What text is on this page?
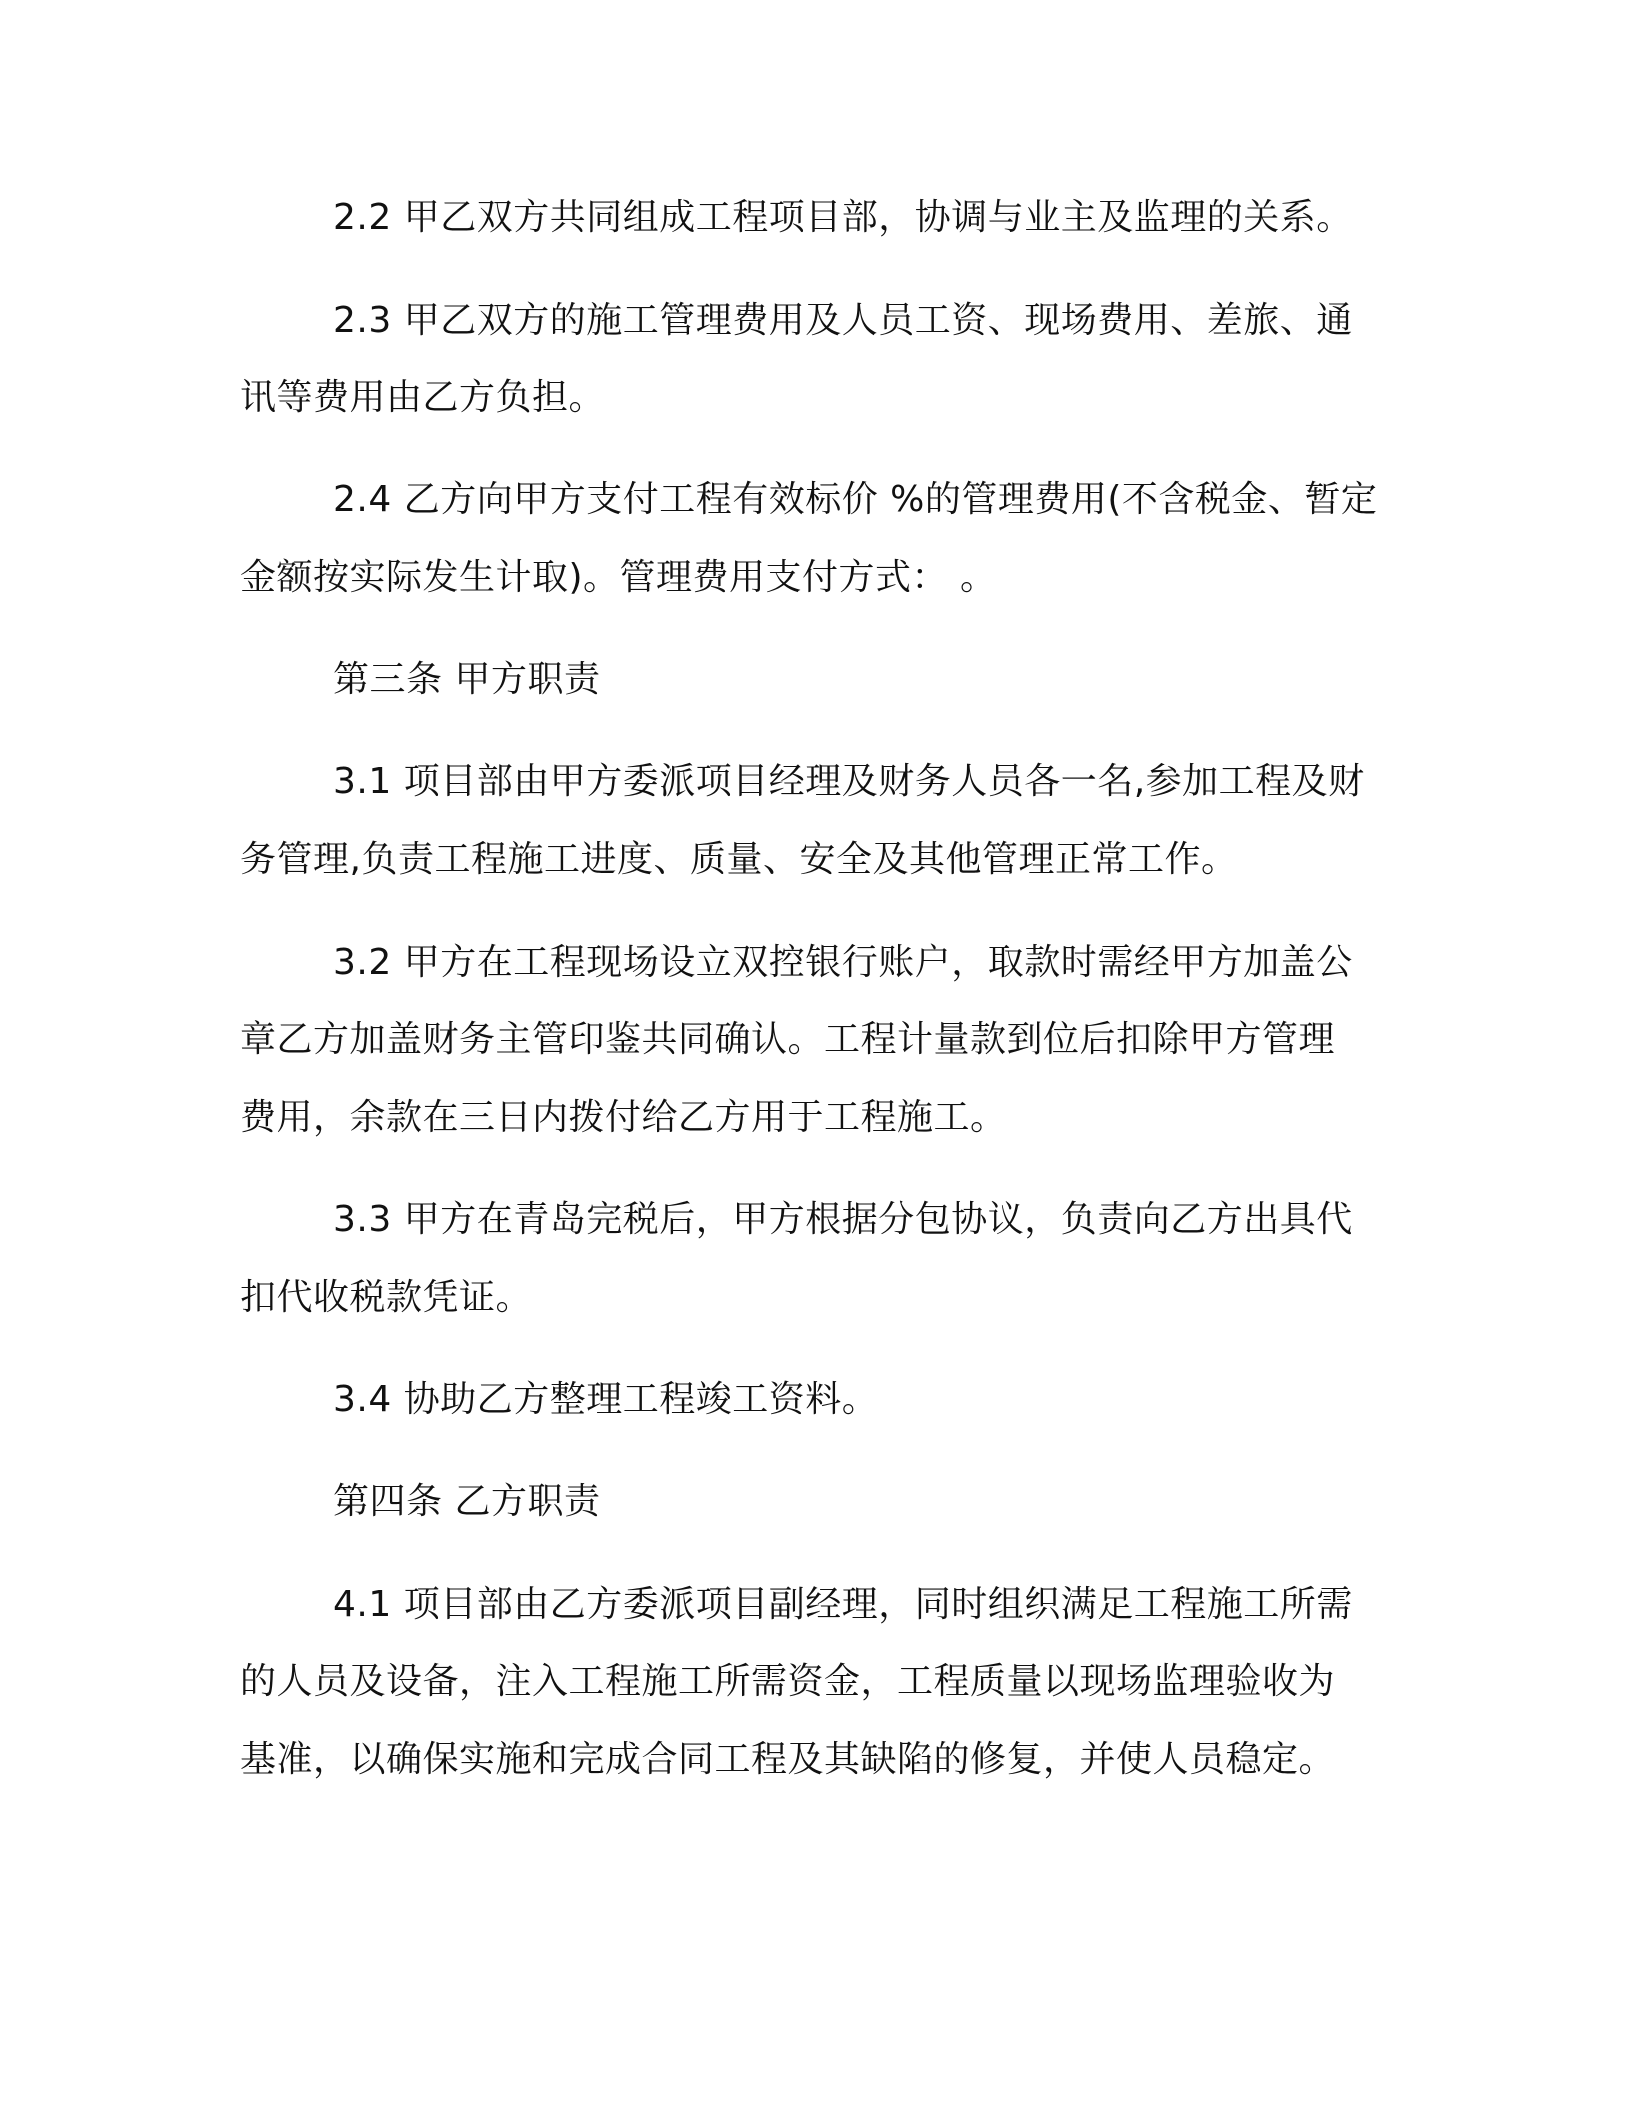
2.2 甲乙双方共同组成工程项目部，协调与业主及监理的关系。
2.3 甲乙双方的施工管理费用及人员工资、现场费用、差旅、通
讯等费用由乙方负担。
2.4 乙方向甲方支付工程有效标价 %的管理费用(不含税金、暂定
金额按实际发生计取)。管理费用支付方式： 。
第三条 甲方职责
3.1 项目部由甲方委派项目经理及财务人员各一名,参加工程及财
务管理,负责工程施工进度、质量、安全及其他管理正常工作。
3.2 甲方在工程现场设立双控银行账户，取款时需经甲方加盖公
章乙方加盖财务主管印鉴共同确认。工程计量款到位后扣除甲方管理
费用，余款在三日内拨付给乙方用于工程施工。
3.3 甲方在青岛完税后，甲方根据分包协议，负责向乙方出具代
扣代收税款凭证。
3.4 协助乙方整理工程竣工资料。
第四条 乙方职责
4.1 项目部由乙方委派项目副经理，同时组织满足工程施工所需
的人员及设备，注入工程施工所需资金，工程质量以现场监理验收为
基准，以确保实施和完成合同工程及其缺陷的修复，并使人员稳定。
